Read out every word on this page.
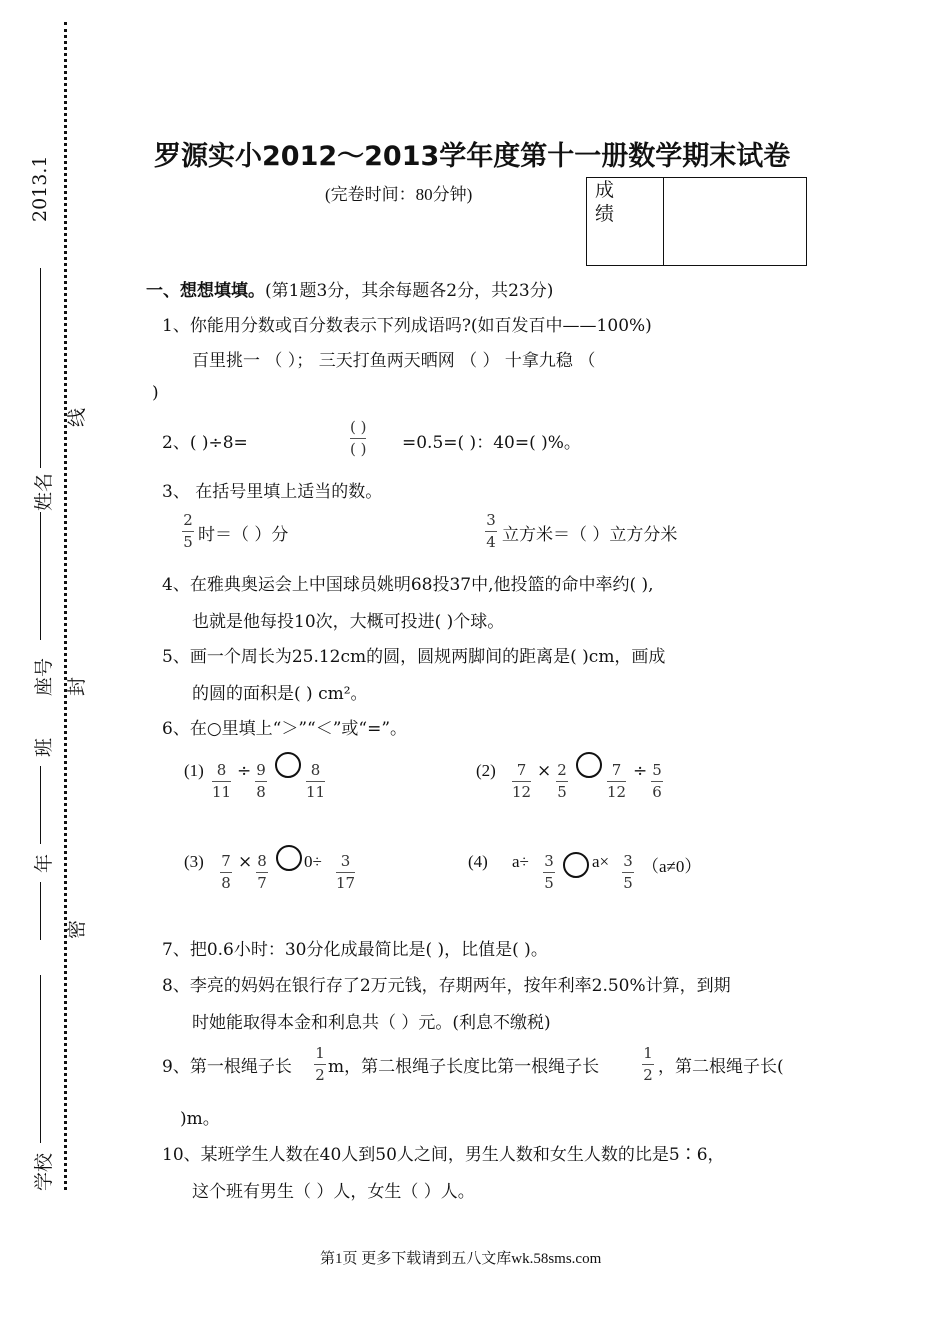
2013.1
姓名
座号
班
年
学校
线
封
密
罗源实小2012～2013学年度第十一册数学期末试卷
(完卷时间：80分钟)	成
绩
一、想想填填。(第1题3分，其余每题各2分，共23分)
1、你能用分数或百分数表示下列成语吗?(如百发百中——100%)
百里挑一 （ ）； 三天打鱼两天晒网 （ ） 十拿九稳 （
)
2、( )÷8=
( )
( ) =0.5=( )：40=( )%。
3、 在括号里填上适当的数。
2
5 时＝（ ）分
3
4 立方米＝（ ）立方分米
4、在雅典奥运会上中国球员姚明68投37中,他投篮的命中率约( ),
也就是他每投10次，大概可投进( )个球。
5、画一个周长为25.12cm的圆，圆规两脚间的距离是( )cm，画成
的圆的面积是( ) cm²。
6、在○里填上“＞”“＜”或“=”。
(1) 8
11
÷ 9
8
8
11
(2) 7
12
× 2
5
7
12
÷ 5
6
(3) 7
8
× 8
7
0÷ 3
17
(4) a÷ 3
5
a× 3
5
（a≠0）
7、把0.6小时：30分化成最简比是( )，比值是( )。
8、李亮的妈妈在银行存了2万元钱，存期两年，按年利率2.50%计算，到期
时她能取得本金和利息共（ ）元。(利息不缴税)
9、第一根绳子长
1
2 m，第二根绳子长度比第一根绳子长
1
2 ，第二根绳子长(
)m。
10、某班学生人数在40人到50人之间，男生人数和女生人数的比是5∶6，
这个班有男生（ ）人，女生（ ）人。
第1页 更多下载请到五八文库wk.58sms.com
